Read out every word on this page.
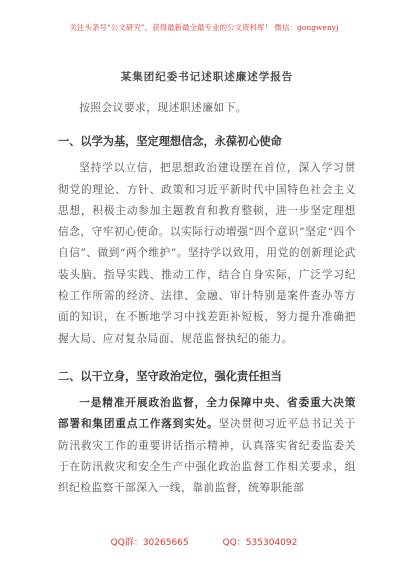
关注头条号“公文研究”，获得最新最全最专业的公文资料库！ 微信：gongwenyj
某集团纪委书记述职述廉述学报告

按照会议要求，现述职述廉如下。

一、以学为基，坚定理想信念，永葆初心使命

坚持学以立信，把思想政治建设摆在首位，深入学习贯彻党的理论、方针、政策和习近平新时代中国特色社会主义思想，积极主动参加主题教育和教育整顿，进一步坚定理想信念，守牢初心使命。以实际行动增强“四个意识”坚定“四个自信”、做到“两个维护”。坚持学以致用，用党的创新理论武装头脑、指导实践、推动工作，结合自身实际，广泛学习纪检工作所需的经济、法律、金融、审计特别是案件查办等方面的知识，在不断地学习中找差距补短板，努力提升准确把握大局、应对复杂局面、规范监督执纪的能力。

二、以干立身，坚守政治定位，强化责任担当

一是精准开展政治监督，全力保障中央、省委重大决策部署和集团重点工作落到实处。坚决贯彻习近平总书记关于防汛救灾工作的重要讲话指示精神，认真落实省纪委监委关于在防汛救灾和安全生产中强化政治监督工作相关要求，组织纪检监察干部深入一线，靠前监督，统筹职能部

QQ群：30265665	QQ：535304092
